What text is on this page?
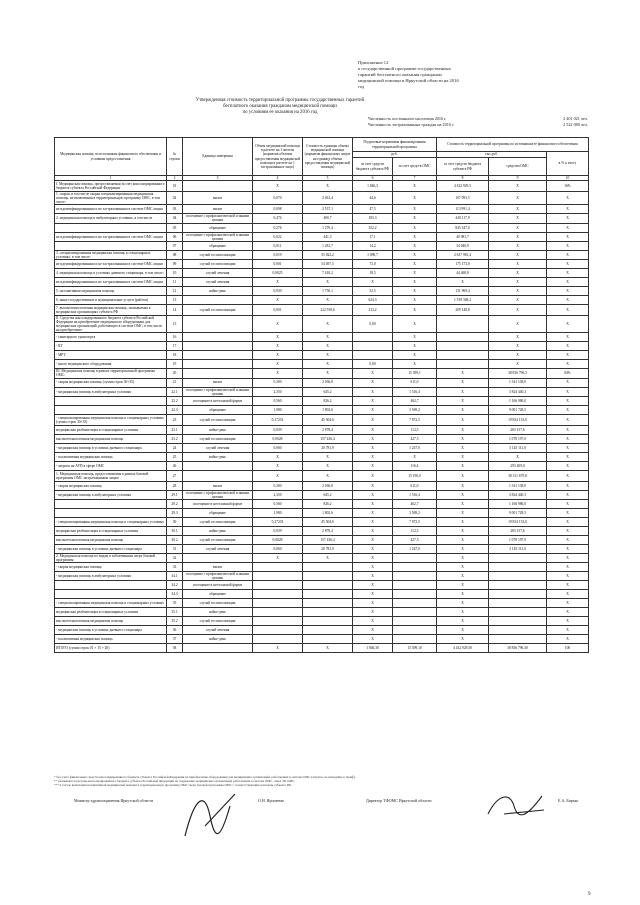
Приложение 12
к государственной программе государственных
гарантий бесплатного оказания гражданам
медицинской помощи в Иркутской области на 2016
год
Утвержденная стоимость территориальной программы государственных гарантий
бесплатного оказания гражданам медицинской помощи
по условиям ее оказания на 2016 год
Численность постоянного населения 2016 г.	2 401 021 чел.
Численность застрахованных граждан на 2016 г.	2 522 080 чел.
Медицинская помощь по источникам финансового обеспечения и условиям предоставления	№ строки	Единица измерения	Объем медицинской помощи в расчете на 1 жителя (норматив объемов предоставления медицинской помощи в расчете на 1 застрахованное лицо)	Стоимость единицы объема медицинской помощи (норматив финансовых затрат на единицу объема предоставления медицинской помощи)	Подушевые нормативы финансирования территориальной программы		Стоимость территориальной программы по источникам ее финансового обеспечения		
					руб.		тыс.руб.		в % к итогу
					за счет средств бюджета субъекта РФ	за счет средств ОМС	за счет средств бюджета субъекта РФ	средства ОМС	
1	2	3	4	5	6	7	8	9	10
I. Медицинская помощь, предоставляемая за счет консолидированного бюджета субъекта Российской Федерации	01		Х	Х	1 846,3	Х	4 432 929,5	Х	16%
1. скорая, в том числе скорая специализированная медицинская помощь, не включенная в территориальную программу ОМС, в том числе:	02	вызов	0,070	2 461,4	44,6	Х	107 093,5	Х	Х
не идентифицированным и не застрахованным в системе ОМС лицам	03	вызов	0,008	2 537,1	47,5	Х	113 991,4	Х	Х
2. медицинская помощь в амбулаторных условиях, в том числе	04	посещение с профилактической и иными целями	0,474	400,7	183,3	Х	440 117,9	Х	Х
	05	обращение	0,276	1 279,4	352,2	Х	845 347,0	Х	Х
не идентифицированным и не застрахованным в системе ОМС лицам	06	посещение с профилактической и иными целями	0,022	441,3	17,1	Х	40 981,7	Х	Х
	07	обращение	0,011	1 281,7	14,2	Х	34 040,9	Х	Х
3. специализированная медицинская помощь в стационарных условиях, в том числе:	08	случай госпитализации	0,019	55 822,2	1 098,7	Х	2 637 981,4	Х	Х
не идентифицированным и не застрахованным в системе ОМС лицам	09	случай госпитализации	0,001	54 497,5	73,0	Х	175 173,0	Х	Х
4. медицинская помощь в условиях дневного стационара, в том числе:	10	случай лечения	0,0025	7 410,2	18,5	Х	44 468,8	Х	Х
не идентифицированным и не застрахованным в системе ОМС лицам	11	случай лечения	Х	Х	Х	Х	Х	Х	Х
5. паллиативная медицинская помощь	12	койко-день	0,030	1 750,1	52,5	Х	131 969,4	Х	Х
6. иные государственные и муниципальные услуги (работы)	13		Х	Х	624,3	Х	1 539 348,2	Х	Х
7. высокотехнологичная медицинская помощь, оказываемая в медицинских организациях субъекта РФ	14	случай госпитализации	0,001	212 918,6	213,2	Х	209 148,8	Х	Х
II. Средства консолидированного бюджета субъекта Российской Федерации на приобретение медицинского оборудования для медицинских организаций, работающих в системе ОМС, в том числе на приобретение:	15		Х	Х	0,00	Х		Х	Х
- санитарного транспорта	16		Х	Х		Х		Х	Х
- КТ	17		Х	Х		Х		Х	Х
- МРТ	18		Х	Х		Х		Х	Х
- иного медицинского оборудования	19		Х	Х	0,00	Х		Х	Х
III. Медицинская помощь в рамках территориальной программы ОМС:	20		Х	Х	Х	15 399,1	Х	38 836 796,3	84%
- скорая медицинская помощь (сумма строк 30+35)	21	вызов	0,300	2 036,8	Х	611,0	Х	1 541 138,0	Х
- медицинская помощь в амбулаторных условиях	22.1	посещение с профилактической и иными целями	2,350	645,2	Х	1 516,4	Х	3 824 440,3	Х
	22.2	посещение в неотложной форме	0,560	826,2	Х	462,7	Х	1 166 986,0	Х
	22.3	обращение	1,980	1 802,6	Х	3 569,2	Х	9 001 728,5	Х
- специализированная медицинская помощь в стационарных условиях (сумма строк 30+35)	23	случай госпитализации	0,17233	45 504,6	Х	7 872,5	Х	19 834 133,0	Х
медицинская реабилитация в стационарных условиях	23.1	койко-день	0,039	2 878,4	Х	112,3	Х	283 157,6	Х
высокотехнологичная медицинская помощь	23.2	случай госпитализации	0,0028	157 436,4	Х	427,5	Х	1 078 197,0	Х
- медицинская помощь в условиях дневного стационара	24	случай лечения	0,060	20 781,9	Х	1 247,0	Х	3 145 111,0	Х
- паллиативная медицинская помощь	25	койко-день	Х	Х	Х	Х	Х	Х	Х
- затраты на АУП в сфере ОМС	26		Х	Х	Х	116,4	Х	293 409,0	Х
1. Медицинская помощь, предоставляемая в рамках базовой программы ОМС застрахованным лицам	27		Х	Х	Х	15 190,0	Х	38 311 679,8	Х
- скорая медицинская помощь	28	вызов	0,300	2 036,8	Х	611,0	Х	1 541 138,0	Х
- медицинская помощь в амбулаторных условиях	29.1	посещение с профилактической и иными целями	2,350	645,2	Х	1 516,4	Х	3 824 440,3	Х
	29.2	посещение в неотложной форме	0,560	826,2	Х	462,7	Х	1 166 986,0	Х
	29.3	обращение	1,980	1 802,6	Х	3 569,2	Х	9 001 728,5	Х
- специализированная медицинская помощь в стационарных условиях	30	случай госпитализации	0,17233	45 504,6	Х	7 872,5	Х	19 834 133,0	Х
медицинская реабилитация в стационарных условиях	30.1	койко-день	0,039	2 878,4	Х	112,3	Х	283 157,6	Х
высокотехнологичная медицинская помощь	30.2	случай госпитализации	0,0028	157 436,4	Х	427,5	Х	1 078 197,0	Х
- медицинская помощь в условиях дневного стационара	31	случай лечения	0,060	20 781,9	Х	1 247,0	Х	3 145 111,0	Х
2. Медицинская помощь по видам и заболеваниям сверх базовой программы:	32		Х	Х	Х		Х		Х
- скорая медицинская помощь	33	вызов			Х		Х		Х
- медицинская помощь в амбулаторных условиях	34.1	посещение с профилактической и иными целями			Х		Х		Х
	34.2	посещение в неотложной форме			Х		Х		Х
	34.3	обращение			Х		Х		Х
- специализированная медицинская помощь в стационарных условиях	35	случай госпитализации			Х		Х		Х
медицинская реабилитация в стационарных условиях	35.1	койко-день			Х		Х		Х
высокотехнологичная медицинская помощь	35.2	случай госпитализации			Х		Х		Х
- медицинская помощь в условиях дневного стационара	36	случай лечения			Х		Х		Х
- паллиативная медицинская помощь	37	койко-день			Х		Х		Х
ИТОГО (сумма строк 01 + 15 + 20)	38		Х	Х	1 846,30	15 399,10	4 432 929,50	38 836 796,30	100
* без учета финансовых средств консолидированного бюджета субъекта Российской Федерации на приобретение оборудования для медицинских организаций, работающих в системе ОМС (затраты, не вошедшие в тариф).
** указываются расходы консолидированного бюджета субъекта Российской Федерации на содержание медицинских организаций, работающих в системе ОМС, сверх ТП ОМС.
*** в случае включения паллиативной медицинской помощи в территориальную программу ОМС сверх базовой программы ОМС с соответствующим платежом субъекта РФ.
Министр здравоохранения Иркутской области	О.Н. Ярошенко	Директор ТФОМС Иркутской области	Е.А. Бирько
9
